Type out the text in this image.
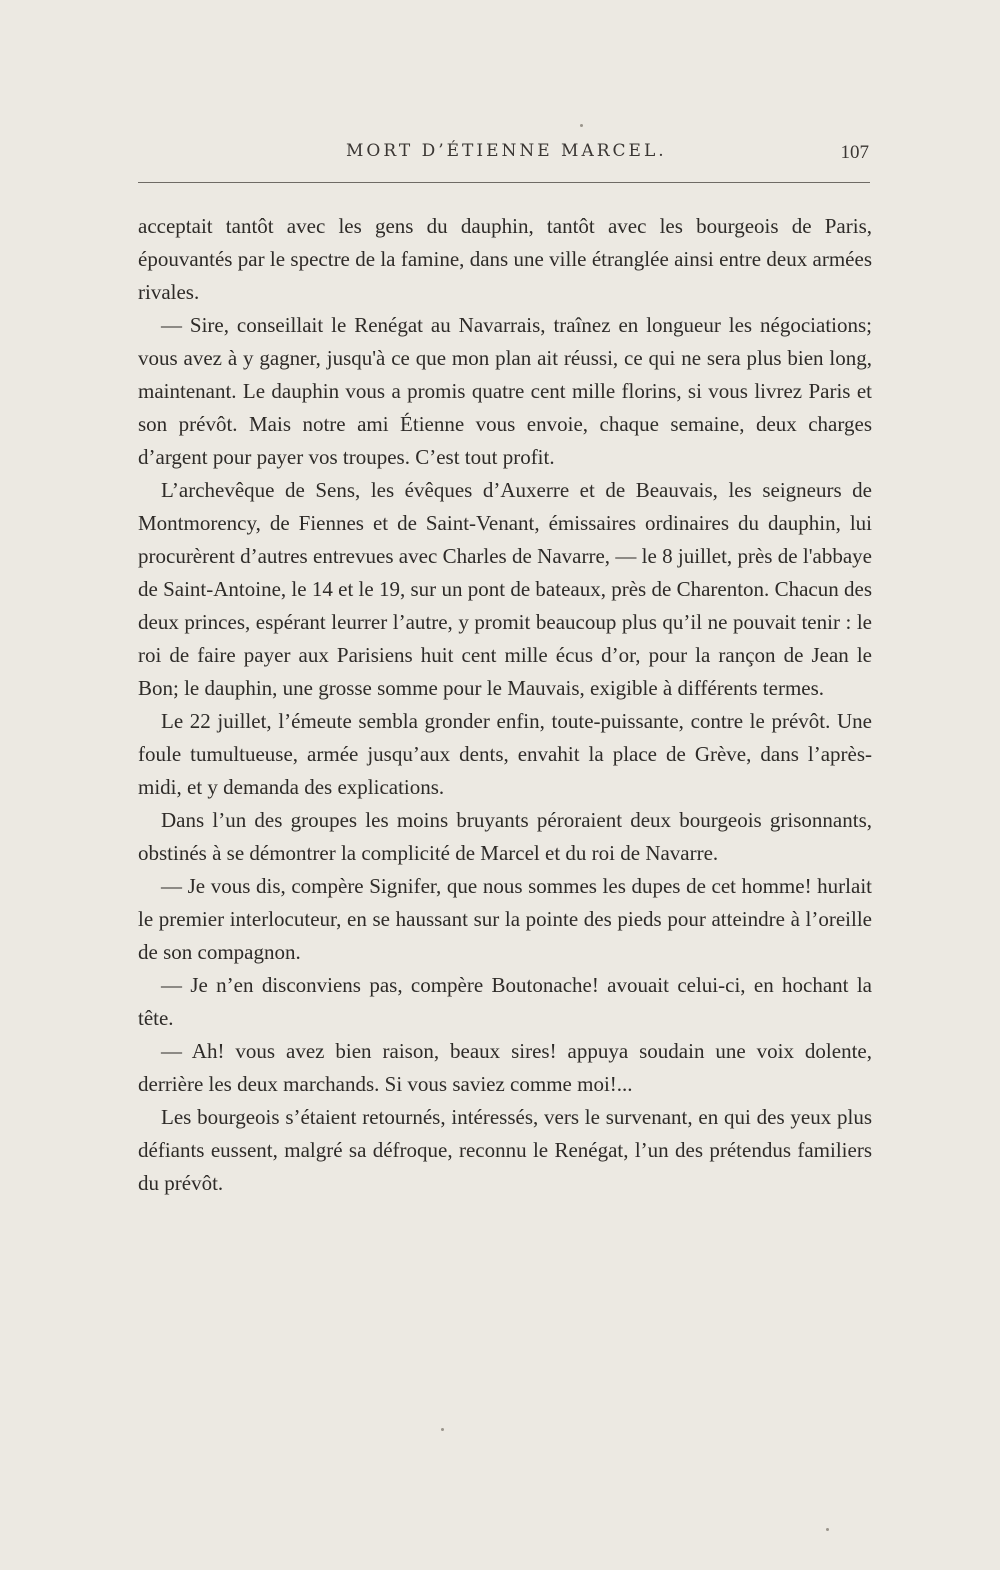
MORT D’ÉTIENNE MARCEL.	107

acceptait tantôt avec les gens du dauphin, tantôt avec les bourgeois de Paris, épouvantés par le spectre de la famine, dans une ville étranglée ainsi entre deux armées rivales.

— Sire, conseillait le Renégat au Navarrais, traînez en longueur les négociations; vous avez à y gagner, jusqu'à ce que mon plan ait réussi, ce qui ne sera plus bien long, maintenant. Le dauphin vous a promis quatre cent mille florins, si vous livrez Paris et son prévôt. Mais notre ami Étienne vous envoie, chaque semaine, deux charges d’argent pour payer vos troupes. C’est tout profit.

L’archevêque de Sens, les évêques d’Auxerre et de Beauvais, les seigneurs de Montmorency, de Fiennes et de Saint-Venant, émissaires ordinaires du dauphin, lui procurèrent d’autres entrevues avec Charles de Navarre, — le 8 juillet, près de l'abbaye de Saint-Antoine, le 14 et le 19, sur un pont de bateaux, près de Charenton. Chacun des deux princes, espérant leurrer l’autre, y promit beaucoup plus qu’il ne pouvait tenir : le roi de faire payer aux Parisiens huit cent mille écus d’or, pour la rançon de Jean le Bon; le dauphin, une grosse somme pour le Mauvais, exigible à différents termes.

Le 22 juillet, l’émeute sembla gronder enfin, toute-puissante, contre le prévôt. Une foule tumultueuse, armée jusqu’aux dents, envahit la place de Grève, dans l’après-midi, et y demanda des explications.

Dans l’un des groupes les moins bruyants péroraient deux bourgeois grisonnants, obstinés à se démontrer la complicité de Marcel et du roi de Navarre.

— Je vous dis, compère Signifer, que nous sommes les dupes de cet homme! hurlait le premier interlocuteur, en se haussant sur la pointe des pieds pour atteindre à l’oreille de son compagnon.

— Je n’en disconviens pas, compère Boutonache! avouait celui-ci, en hochant la tête.

— Ah! vous avez bien raison, beaux sires! appuya soudain une voix dolente, derrière les deux marchands. Si vous saviez comme moi!...

Les bourgeois s’étaient retournés, intéressés, vers le survenant, en qui des yeux plus défiants eussent, malgré sa défroque, reconnu le Renégat, l’un des prétendus familiers du prévôt.
